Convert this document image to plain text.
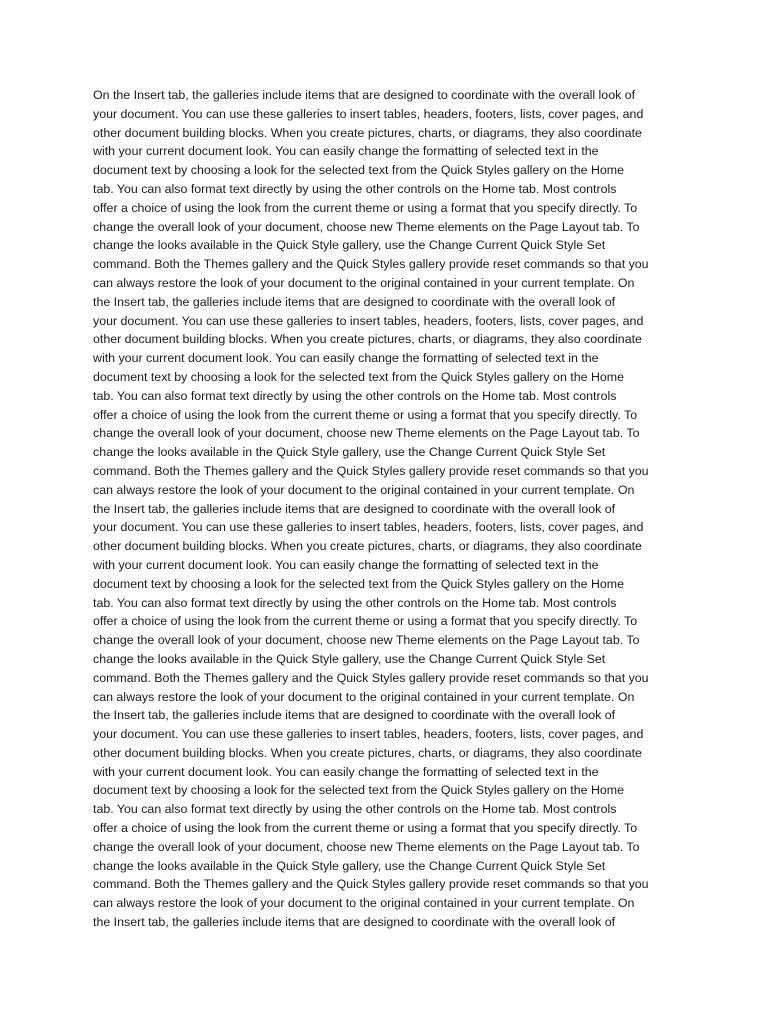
On the Insert tab, the galleries include items that are designed to coordinate with the overall look of
your document. You can use these galleries to insert tables, headers, footers, lists, cover pages, and
other document building blocks. When you create pictures, charts, or diagrams, they also coordinate
with your current document look. You can easily change the formatting of selected text in the
document text by choosing a look for the selected text from the Quick Styles gallery on the Home
tab. You can also format text directly by using the other controls on the Home tab. Most controls
offer a choice of using the look from the current theme or using a format that you specify directly. To
change the overall look of your document, choose new Theme elements on the Page Layout tab. To
change the looks available in the Quick Style gallery, use the Change Current Quick Style Set
command. Both the Themes gallery and the Quick Styles gallery provide reset commands so that you
can always restore the look of your document to the original contained in your current template. On
the Insert tab, the galleries include items that are designed to coordinate with the overall look of
your document. You can use these galleries to insert tables, headers, footers, lists, cover pages, and
other document building blocks. When you create pictures, charts, or diagrams, they also coordinate
with your current document look. You can easily change the formatting of selected text in the
document text by choosing a look for the selected text from the Quick Styles gallery on the Home
tab. You can also format text directly by using the other controls on the Home tab. Most controls
offer a choice of using the look from the current theme or using a format that you specify directly. To
change the overall look of your document, choose new Theme elements on the Page Layout tab. To
change the looks available in the Quick Style gallery, use the Change Current Quick Style Set
command. Both the Themes gallery and the Quick Styles gallery provide reset commands so that you
can always restore the look of your document to the original contained in your current template. On
the Insert tab, the galleries include items that are designed to coordinate with the overall look of
your document. You can use these galleries to insert tables, headers, footers, lists, cover pages, and
other document building blocks. When you create pictures, charts, or diagrams, they also coordinate
with your current document look. You can easily change the formatting of selected text in the
document text by choosing a look for the selected text from the Quick Styles gallery on the Home
tab. You can also format text directly by using the other controls on the Home tab. Most controls
offer a choice of using the look from the current theme or using a format that you specify directly. To
change the overall look of your document, choose new Theme elements on the Page Layout tab. To
change the looks available in the Quick Style gallery, use the Change Current Quick Style Set
command. Both the Themes gallery and the Quick Styles gallery provide reset commands so that you
can always restore the look of your document to the original contained in your current template. On
the Insert tab, the galleries include items that are designed to coordinate with the overall look of
your document. You can use these galleries to insert tables, headers, footers, lists, cover pages, and
other document building blocks. When you create pictures, charts, or diagrams, they also coordinate
with your current document look. You can easily change the formatting of selected text in the
document text by choosing a look for the selected text from the Quick Styles gallery on the Home
tab. You can also format text directly by using the other controls on the Home tab. Most controls
offer a choice of using the look from the current theme or using a format that you specify directly. To
change the overall look of your document, choose new Theme elements on the Page Layout tab. To
change the looks available in the Quick Style gallery, use the Change Current Quick Style Set
command. Both the Themes gallery and the Quick Styles gallery provide reset commands so that you
can always restore the look of your document to the original contained in your current template. On
the Insert tab, the galleries include items that are designed to coordinate with the overall look of
